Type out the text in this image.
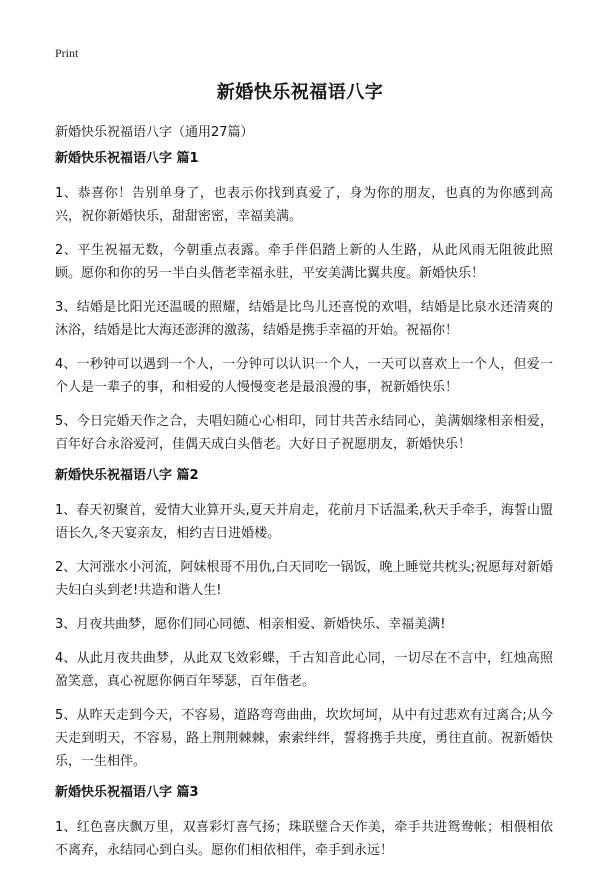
Print
新婚快乐祝福语八字
新婚快乐祝福语八字（通用27篇）
新婚快乐祝福语八字 篇1

1、恭喜你！告别单身了，也表示你找到真爱了，身为你的朋友，也真的为你感到高兴，祝你新婚快乐，甜甜密密，幸福美满。

2、平生祝福无数，今朝重点表露。牵手伴侣踏上新的人生路，从此风雨无阻彼此照顾。愿你和你的另一半白头偕老幸福永驻，平安美满比翼共度。新婚快乐！

3、结婚是比阳光还温暖的照耀，结婚是比鸟儿还喜悦的欢唱，结婚是比泉水还清爽的沐浴，结婚是比大海还澎湃的激荡，结婚是携手幸福的开始。祝福你！

4、一秒钟可以遇到一个人，一分钟可以认识一个人，一天可以喜欢上一个人，但爱一个人是一辈子的事，和相爱的人慢慢变老是最浪漫的事，祝新婚快乐！

5、今日完婚天作之合，夫唱妇随心心相印，同甘共苦永结同心，美满姻缘相亲相爱，百年好合永浴爱河，佳偶天成白头偕老。大好日子祝愿朋友，新婚快乐！

新婚快乐祝福语八字 篇2

1、春天初聚首，爱情大业算开头,夏天并肩走，花前月下话温柔,秋天手牵手，海誓山盟语长久,冬天宴亲友，相约吉日进婚楼。

2、大河涨水小河流，阿妹根哥不用仇,白天同吃一锅饭，晚上睡觉共枕头;祝愿每对新婚夫妇白头到老!共造和谐人生!

3、月夜共曲梦，愿你们同心同德、相亲相爱、新婚快乐、幸福美满!

4、从此月夜共曲梦，从此双飞效彩蝶，千古知音此心同，一切尽在不言中，红烛高照盈笑意，真心祝愿你俩百年琴瑟，百年偕老。

5、从昨天走到今天，不容易，道路弯弯曲曲，坎坎坷坷，从中有过悲欢有过离合;从今天走到明天，不容易，路上荆荆棘棘，索索绊绊，誓将携手共度，勇往直前。祝新婚快乐，一生相伴。

新婚快乐祝福语八字 篇3

1、红色喜庆飘万里，双喜彩灯喜气扬；珠联璧合天作美，牵手共进鸳鸯帐；相偎相依不离弃，永结同心到白头。愿你们相依相伴，牵手到永远！
